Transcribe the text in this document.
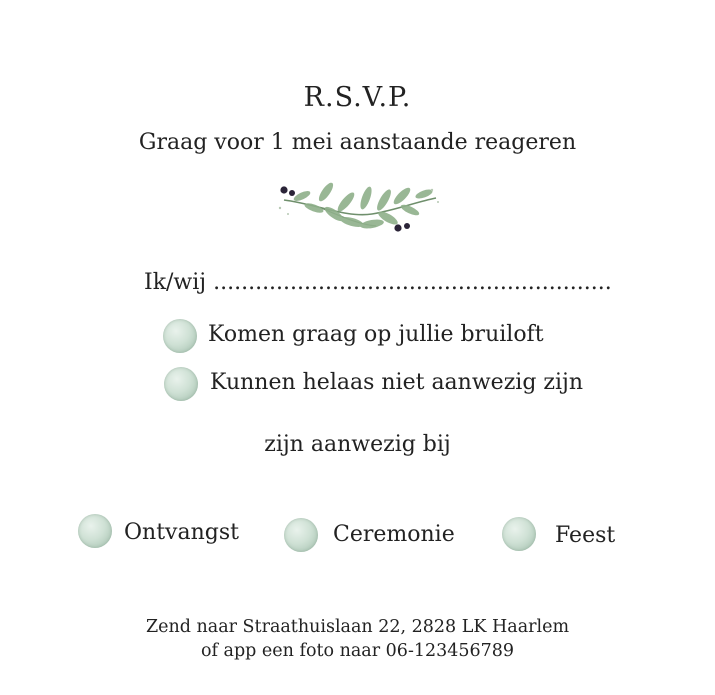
R.S.V.P.
Graag voor 1 mei aanstaande reageren
Ik/wij .........................................................
Komen graag op jullie bruiloft
Kunnen helaas niet aanwezig zijn
zijn aanwezig bij
Ontvangst	Ceremonie	Feest
Zend naar Straathuislaan 22, 2828 LK Haarlem
of app een foto naar 06-123456789
